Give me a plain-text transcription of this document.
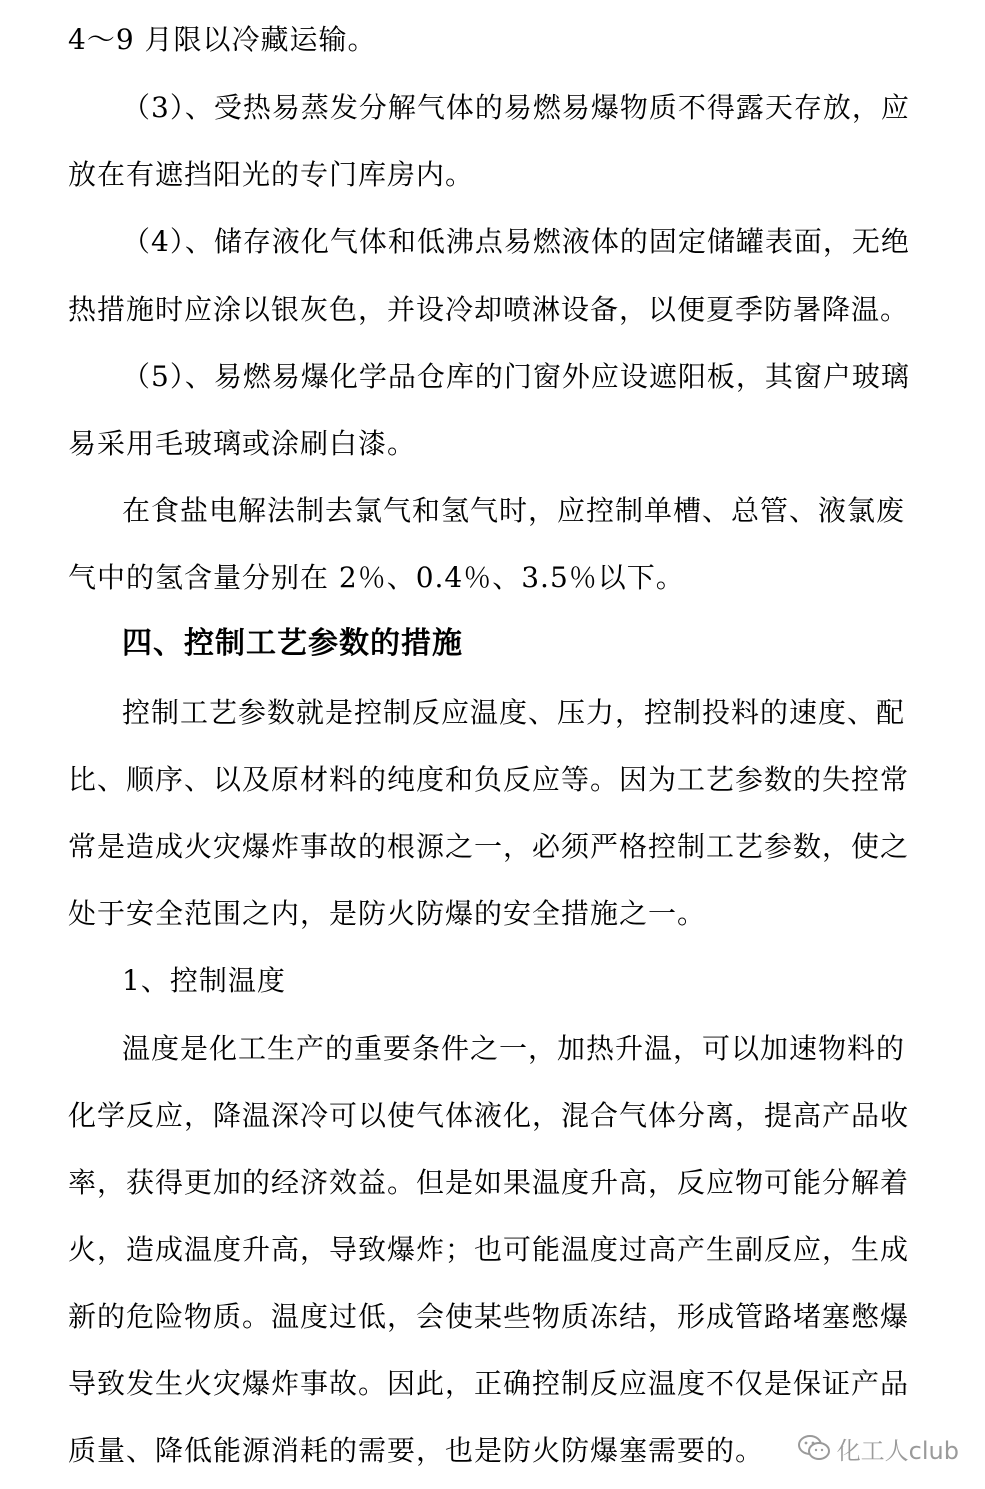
4～9 月限以冷藏运输。
（3）、受热易蒸发分解气体的易燃易爆物质不得露天存放，应
放在有遮挡阳光的专门库房内。
（4）、储存液化气体和低沸点易燃液体的固定储罐表面，无绝
热措施时应涂以银灰色，并设冷却喷淋设备，以便夏季防暑降温。
（5）、易燃易爆化学品仓库的门窗外应设遮阳板，其窗户玻璃
易采用毛玻璃或涂刷白漆。
在食盐电解法制去氯气和氢气时，应控制单槽、总管、液氯废
气中的氢含量分别在 2％、0.4％、3.5％以下。
四、控制工艺参数的措施
控制工艺参数就是控制反应温度、压力，控制投料的速度、配
比、顺序、以及原材料的纯度和负反应等。因为工艺参数的失控常
常是造成火灾爆炸事故的根源之一，必须严格控制工艺参数，使之
处于安全范围之内，是防火防爆的安全措施之一。
1、控制温度
温度是化工生产的重要条件之一，加热升温，可以加速物料的
化学反应，降温深冷可以使气体液化，混合气体分离，提高产品收
率，获得更加的经济效益。但是如果温度升高，反应物可能分解着
火，造成温度升高，导致爆炸；也可能温度过高产生副反应，生成
新的危险物质。温度过低，会使某些物质冻结，形成管路堵塞憋爆
导致发生火灾爆炸事故。因此，正确控制反应温度不仅是保证产品
质量、降低能源消耗的需要，也是防火防爆塞需要的。	化工人club
